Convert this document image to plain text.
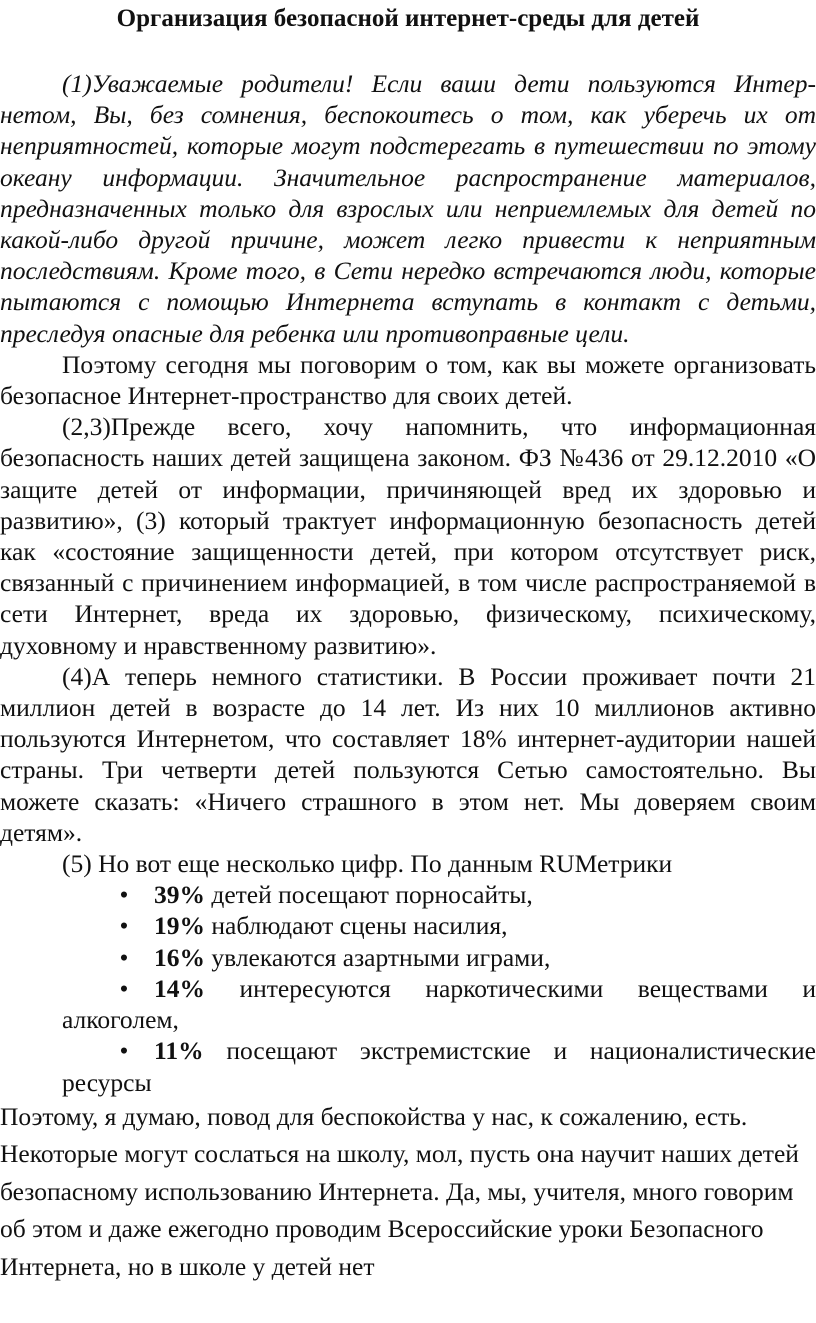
Организация безопасной интернет-среды для детей

(1)Уважаемые родители! Если ваши дети пользуются Интер-нетом, Вы, без сомнения, беспокоитесь о том, как уберечь их от неприятностей, которые могут подстерегать в путешествии по этому океану информации. Значительное распространение материалов, предназначенных только для взрослых или неприемлемых для детей по какой-либо другой причине, может легко привести к неприятным последствиям. Кроме того, в Сети нередко встречаются люди, которые пытаются с помощью Интернета вступать в контакт с детьми, преследуя опасные для ребенка или противоправные цели.

Поэтому сегодня мы поговорим о том, как вы можете организовать безопасное Интернет-пространство для своих детей.

(2,3)Прежде всего, хочу напомнить, что информационная безопасность наших детей защищена законом. ФЗ №436 от 29.12.2010 «О защите детей от информации, причиняющей вред их здоровью и развитию», (3) который трактует информационную безопасность детей как «состояние защищенности детей, при котором отсутствует риск, связанный с причинением информацией, в том числе распространяемой в сети Интернет, вреда их здоровью, физическому, психическому, духовному и нравственному развитию».

(4)А теперь немного статистики. В России проживает почти 21 миллион детей в возрасте до 14 лет. Из них 10 миллионов активно пользуются Интернетом, что составляет 18% интернет-аудитории нашей страны. Три четверти детей пользуются Сетью самостоятельно. Вы можете сказать: «Ничего страшного в этом нет. Мы доверяем своим детям».

(5) Но вот еще несколько цифр. По данным RUМетрики

• 39% детей посещают порносайты,
• 19% наблюдают сцены насилия,
• 16% увлекаются азартными играми,
• 14% интересуются наркотическими веществами и алкоголем,
• 11% посещают экстремистские и националистические ресурсы

Поэтому, я думаю, повод для беспокойства у нас, к сожалению, есть. Некоторые могут сослаться на школу, мол, пусть она научит наших детей безопасному использованию Интернета. Да, мы, учителя, много говорим об этом и даже ежегодно проводим Всероссийские уроки Безопасного Интернета, но в школе у детей нет
